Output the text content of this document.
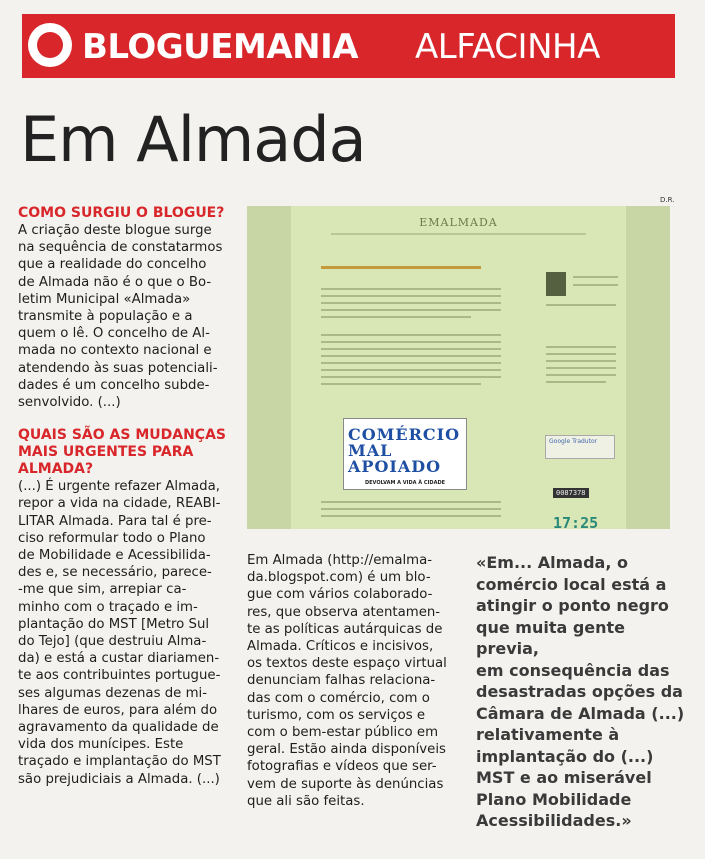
BLOGUEMANIA ALFACINHA
Em Almada
COMO SURGIU O BLOGUE?
A criação deste blogue surge
na sequência de constatarmos
que a realidade do concelho
de Almada não é o que o Bo-
letim Municipal «Almada»
transmite à população e a
quem o lê. O concelho de Al-
mada no contexto nacional e
atendendo às suas potenciali-
dades é um concelho subde-
senvolvido. (...)
QUAIS SÃO AS MUDANÇAS
MAIS URGENTES PARA
ALMADA?
(...) É urgente refazer Almada,
repor a vida na cidade, REABI-
LITAR Almada. Para tal é pre-
ciso reformular todo o Plano
de Mobilidade e Acessibilida-
des e, se necessário, parece-
-me que sim, arrepiar ca-
minho com o traçado e im-
plantação do MST [Metro Sul
do Tejo] (que destruiu Alma-
da) e está a custar diariamen-
te aos contribuintes portugue-
ses algumas dezenas de mi-
lhares de euros, para além do
agravamento da qualidade de
vida dos munícipes. Este
traçado e implantação do MST
são prejudiciais a Almada. (...)
D.R.
EMALMADA
Google Tradutor
0087378
17:25
COMÉRCIO
MAL
APOIADO
DEVOLVAM A VIDA À CIDADE
Em Almada (http://emalma-
da.blogspot.com) é um blo-
gue com vários colaborado-
res, que observa atentamen-
te as políticas autárquicas de
Almada. Críticos e incisivos,
os textos deste espaço virtual
denunciam falhas relaciona-
das com o comércio, com o
turismo, com os serviços e
com o bem-estar público em
geral. Estão ainda disponíveis
fotografias e vídeos que ser-
vem de suporte às denúncias
que ali são feitas.
«Em... Almada, o
comércio local está a
atingir o ponto negro
que muita gente previa,
em consequência das
desastradas opções da
Câmara de Almada (...)
relativamente à
implantação do (...)
MST e ao miserável
Plano Mobilidade
Acessibilidades.»
